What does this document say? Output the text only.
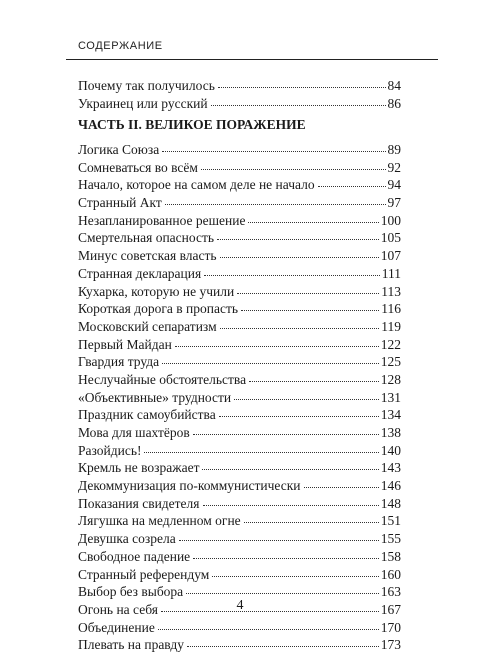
СОДЕРЖАНИЕ
Почему так получилось	84
Украинец или русский	86
ЧАСТЬ II. ВЕЛИКОЕ ПОРАЖЕНИЕ
Логика Союза	89
Сомневаться во всём	92
Начало, которое на самом деле не начало	94
Странный Акт	97
Незапланированное решение	100
Смертельная опасность	105
Минус советская власть	107
Странная декларация	111
Кухарка, которую не учили	113
Короткая дорога в пропасть	116
Московский сепаратизм	119
Первый Майдан	122
Гвардия труда	125
Неслучайные обстоятельства	128
«Объективные» трудности	131
Праздник самоубийства	134
Мова для шахтёров	138
Разойдись!	140
Кремль не возражает	143
Декоммунизация по-коммунистически	146
Показания свидетеля	148
Лягушка на медленном огне	151
Девушка созрела	155
Свободное падение	158
Странный референдум	160
Выбор без выбора	163
Огонь на себя	167
Объединение	170
Плевать на правду	173
4
